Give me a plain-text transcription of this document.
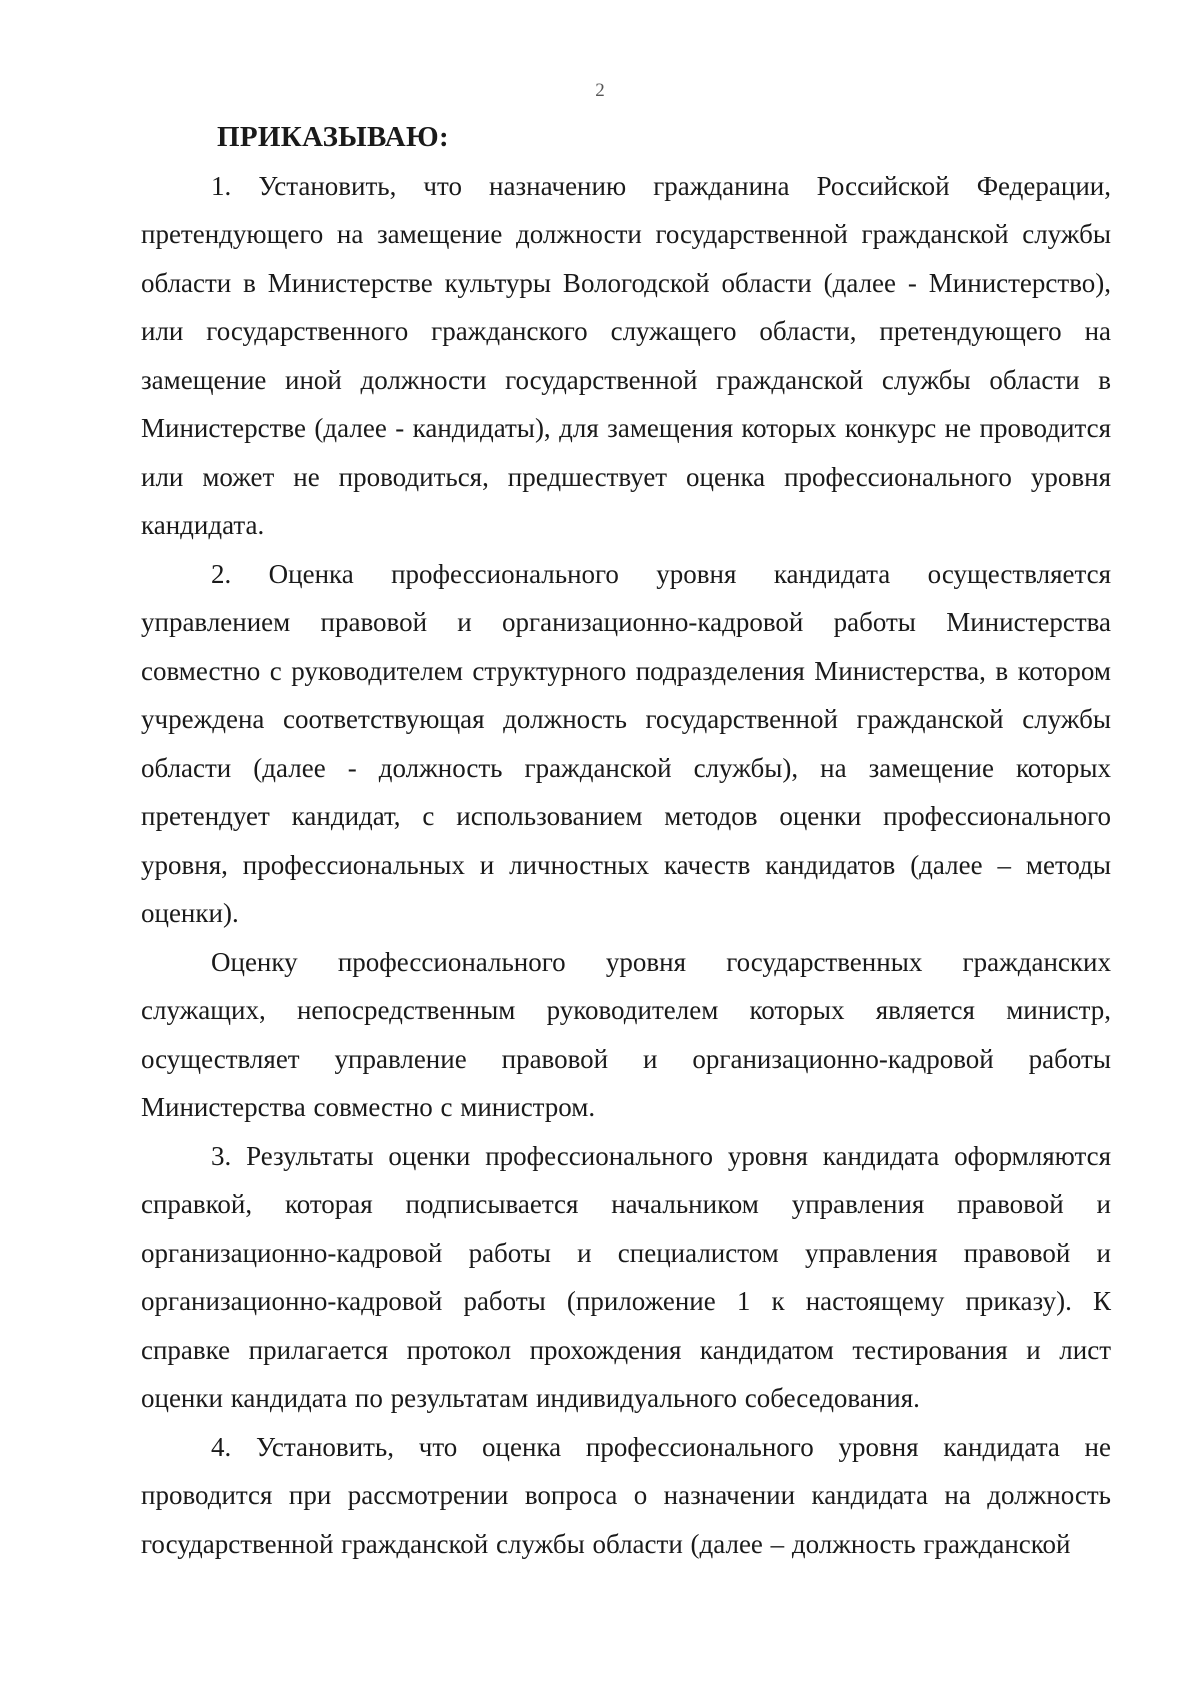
2

ПРИКАЗЫВАЮ:

1. Установить, что назначению гражданина Российской Федерации, претендующего на замещение должности государственной гражданской службы области в Министерстве культуры Вологодской области (далее - Министерство), или государственного гражданского служащего области, претендующего на замещение иной должности государственной гражданской службы области в Министерстве (далее - кандидаты), для замещения которых конкурс не проводится или может не проводиться, предшествует оценка профессионального уровня кандидата.

2. Оценка профессионального уровня кандидата осуществляется управлением правовой и организационно-кадровой работы Министерства совместно с руководителем структурного подразделения Министерства, в котором учреждена соответствующая должность государственной гражданской службы области (далее - должность гражданской службы), на замещение которых претендует кандидат, с использованием методов оценки профессионального уровня, профессиональных и личностных качеств кандидатов (далее – методы оценки).

Оценку профессионального уровня государственных гражданских служащих, непосредственным руководителем которых является министр, осуществляет управление правовой и организационно-кадровой работы Министерства совместно с министром.

3. Результаты оценки профессионального уровня кандидата оформляются справкой, которая подписывается начальником управления правовой и организационно-кадровой работы и специалистом управления правовой и организационно-кадровой работы (приложение 1 к настоящему приказу). К справке прилагается протокол прохождения кандидатом тестирования и лист оценки кандидата по результатам индивидуального собеседования.

4. Установить, что оценка профессионального уровня кандидата не проводится при рассмотрении вопроса о назначении кандидата на должность государственной гражданской службы области (далее – должность гражданской
